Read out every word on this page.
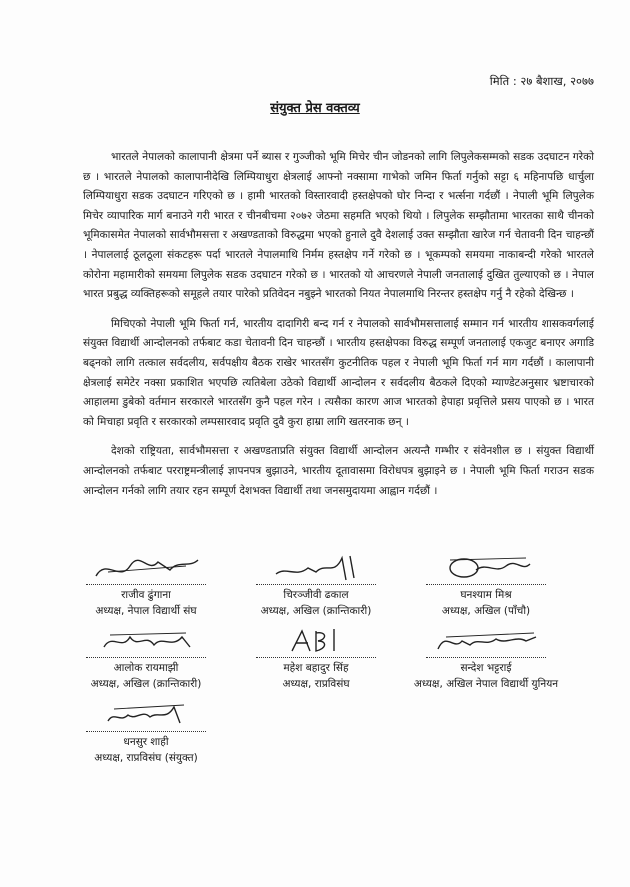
मिति : २७ बैशाख, २०७७
संयुक्त प्रेस वक्तव्य

भारतले नेपालको कालापानी क्षेत्रमा पर्ने ब्यास र गुञ्जीको भूमि मिचेर चीन जोडनको लागि लिपुलेकसम्मको सडक उदघाटन गरेको छ । भारतले नेपालको कालापानीदेखि लिम्पियाधुरा क्षेत्रलाई आफ्नो नक्सामा गाभेको जमिन फिर्ता गर्नुको सट्टा ६ महिनापछि धार्चुला लिम्पियाधुरा सडक उदघाटन गरिएको छ । हामी भारतको विस्तारवादी हस्तक्षेपको घोर निन्दा र भर्त्सना गर्दछौं । नेपाली भूमि लिपुलेक मिचेर व्यापारिक मार्ग बनाउने गरी भारत र चीनबीचमा २०७२ जेठमा सहमति भएको थियो । लिपुलेक सम्झौतामा भारतका साथै चीनको भूमिकासमेत नेपालको सार्वभौमसत्ता र अखण्डताको विरुद्धमा भएको हुनाले दुवै देशलाई उक्त सम्झौता खारेज गर्न चेतावनी दिन चाहन्छौं । नेपाललाई ठूलठूला संकटहरू पर्दा भारतले नेपालमाथि निर्मम हस्तक्षेप गर्ने गरेको छ । भूकम्पको समयमा नाकाबन्दी गरेको भारतले कोरोना महामारीको समयमा लिपुलेक सडक उदघाटन गरेको छ । भारतको यो आचरणले नेपाली जनतालाई दुखित तुल्याएको छ । नेपाल भारत प्रबुद्ध व्यक्तिहरूको समूहले तयार पारेको प्रतिवेदन नबुझ्ने भारतको नियत नेपालमाथि निरन्तर हस्तक्षेप गर्नु नै रहेको देखिन्छ ।

मिचिएको नेपाली भूमि फिर्ता गर्न, भारतीय दादागिरी बन्द गर्न र नेपालको सार्वभौमसत्तालाई सम्मान गर्न भारतीय शासकवर्गलाई संयुक्त विद्यार्थी आन्दोलनको तर्फबाट कडा चेतावनी दिन चाहन्छौं । भारतीय हस्तक्षेपका विरुद्ध सम्पूर्ण जनतालाई एकजुट बनाएर अगाडि बढ्नको लागि तत्काल सर्वदलीय, सर्वपक्षीय बैठक राखेर भारतसँग कुटनीतिक पहल र नेपाली भूमि फिर्ता गर्न माग गर्दछौं । कालापानी क्षेत्रलाई समेटेर नक्सा प्रकाशित भएपछि त्यतिबेला उठेको विद्यार्थी आन्दोलन र सर्वदलीय बैठकले दिएको म्याण्डेटअनुसार भ्रष्टाचारको आहालमा डुबेको वर्तमान सरकारले भारतसँग कुनै पहल गरेन । त्यसैका कारण आज भारतको हेपाहा प्रवृत्तिले प्रसय पाएको छ । भारत को मिचाहा प्रवृति र सरकारको लम्पसारवाद प्रवृति दुवै कुरा हाम्रा लागि खतरनाक छन् ।

देशको राष्ट्रियता, सार्वभौमसत्ता र अखण्डताप्रति संयुक्त विद्यार्थी आन्दोलन अत्यन्तै गम्भीर र संवेनशील छ । संयुक्त विद्यार्थी आन्दोलनको तर्फबाट परराष्ट्रमन्त्रीलाई ज्ञापनपत्र बुझाउने, भारतीय दूतावासमा विरोधपत्र बुझाइने छ । नेपाली भूमि फिर्ता गराउन सडक आन्दोलन गर्नको लागि तयार रहन सम्पूर्ण देशभक्त विद्यार्थी तथा जनसमुदायमा आह्वान गर्दछौं ।

राजीव ढुंगाना
अध्यक्ष, नेपाल विद्यार्थी संघ
चिरञ्जीवी ढकाल
अध्यक्ष, अखिल (क्रान्तिकारी)
घनश्याम मिश्र
अध्यक्ष, अखिल (पाँचौ)
आलोक रायमाझी
अध्यक्ष, अखिल (क्रान्तिकारी)
महेश बहादुर सिंह
अध्यक्ष, राप्रविसंघ
सन्देश भट्टराई
अध्यक्ष, अखिल नेपाल विद्यार्थी युनियन
धनसुर शाही
अध्यक्ष, राप्रविसंघ (संयुक्त)
